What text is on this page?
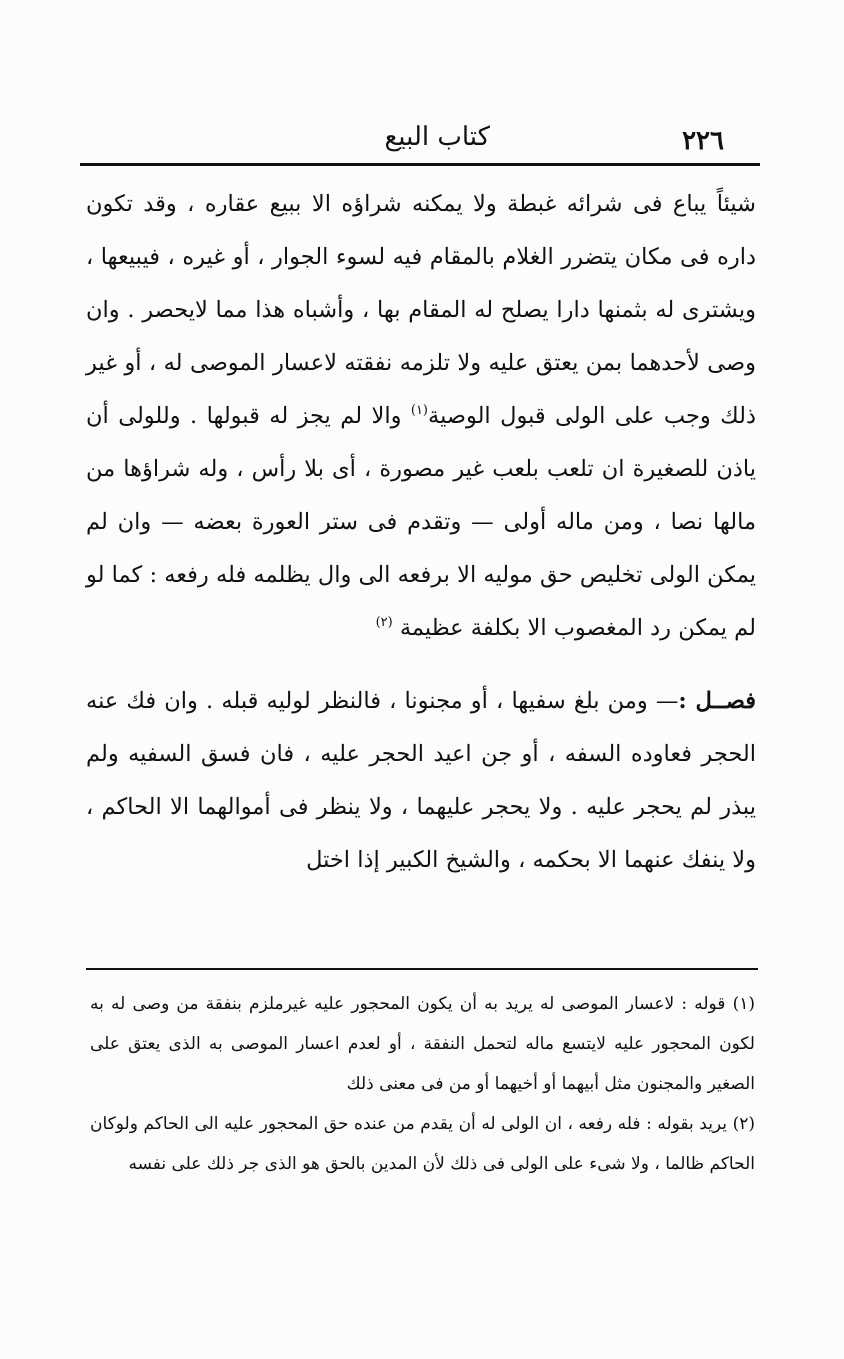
٢٢٦
كتاب البيع

شيئاً يباع فى شرائه غبطة ولا يمكنه شراؤه الا ببيع عقاره ، وقد تكون داره فى مكان يتضرر الغلام بالمقام فيه لسوء الجوار ، أو غيره ، فيبيعها ، ويشترى له بثمنها دارا يصلح له المقام بها ، وأشباه هذا مما لايحصر . وان وصى لأحدهما بمن يعتق عليه ولا تلزمه نفقته لاعسار الموصى له ، أو غير ذلك وجب على الولى قبول الوصية$^{(١)}$ والا لم يجز له قبولها . وللولى أن ياذن للصغيرة ان تلعب بلعب غير مصورة ، أى بلا رأس ، وله شراؤها من مالها نصا ، ومن ماله أولى — وتقدم فى ستر العورة بعضه — وان لم يمكن الولى تخليص حق موليه الا برفعه الى وال يظلمه فله رفعه : كما لو لم يمكن رد المغصوب الا بكلفة عظيمة $^{(٢)}$

فصــل :— ومن بلغ سفيها ، أو مجنونا ، فالنظر لوليه قبله . وان فك عنه الحجر فعاوده السفه ، أو جن اعيد الحجر عليه ، فان فسق السفيه ولم يبذر لم يحجر عليه . ولا يحجر عليهما ، ولا ينظر فى أموالهما الا الحاكم ، ولا ينفك عنهما الا بحكمه ، والشيخ الكبير إذا اختل

(١) قوله : لاعسار الموصى له يريد به أن يكون المحجور عليه غيرملزم بنفقة من وصى له به لكون المحجور عليه لايتسع ماله لتحمل النفقة ، أو لعدم اعسار الموصى به الذى يعتق على الصغير والمجنون مثل أبيهما أو أخيهما أو من فى معنى ذلك

(٢) يريد بقوله : فله رفعه ، ان الولى له أن يقدم من عنده حق المحجور عليه الى الحاكم ولوكان الحاكم ظالما ، ولا شىء على الولى فى ذلك لأن المدين بالحق هو الذى جر ذلك على نفسه
